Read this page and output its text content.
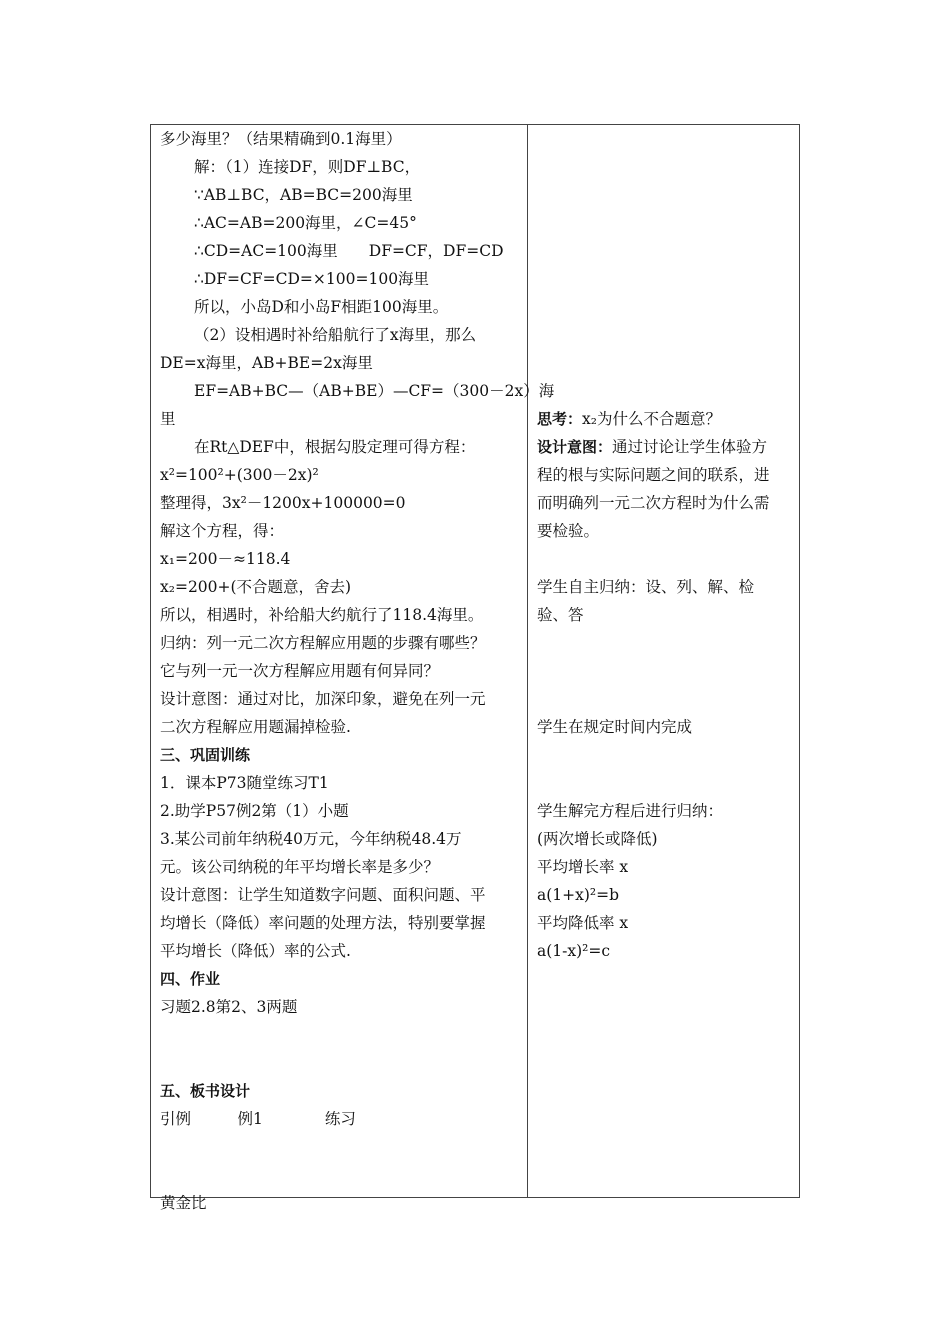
多少海里？（结果精确到0.1海里）
解：（1）连接DF，则DF⊥BC，
∵AB⊥BC，AB=BC=200海里
∴AC=AB=200海里，∠C=45°
∴CD=AC=100海里　　DF=CF，DF=CD
∴DF=CF=CD=×100=100海里
所以，小岛D和小岛F相距100海里。
（2）设相遇时补给船航行了x海里，那么
DE=x海里，AB+BE=2x海里
EF=AB+BC—（AB+BE）—CF=（300－2x）海
里
在Rt△DEF中，根据勾股定理可得方程：
x²=100²+(300－2x)²
整理得，3x²－1200x+100000=0
解这个方程，得：
x₁=200－≈118.4
x₂=200+(不合题意，舍去)
所以，相遇时，补给船大约航行了118.4海里。
归纳：列一元二次方程解应用题的步骤有哪些？
它与列一元一次方程解应用题有何异同？
设计意图：通过对比，加深印象，避免在列一元
二次方程解应用题漏掉检验.
三、巩固训练
1．课本P73随堂练习T1
2.助学P57例2第（1）小题
3.某公司前年纳税40万元，今年纳税48.4万
元。该公司纳税的年平均增长率是多少？
设计意图：让学生知道数字问题、面积问题、平
均增长（降低）率问题的处理方法，特别要掌握
平均增长（降低）率的公式.
四、作业
习题2.8第2、3两题
五、板书设计
引例　　　例1　　　　练习
黄金比
思考：x₂为什么不合题意？
设计意图：通过讨论让学生体验方
程的根与实际问题之间的联系，进
而明确列一元二次方程时为什么需
要检验。
学生自主归纳：设、列、解、检
验、答
学生在规定时间内完成
学生解完方程后进行归纳：
(两次增长或降低)
平均增长率 x
a(1+x)²=b
平均降低率 x
a(1-x)²=c
